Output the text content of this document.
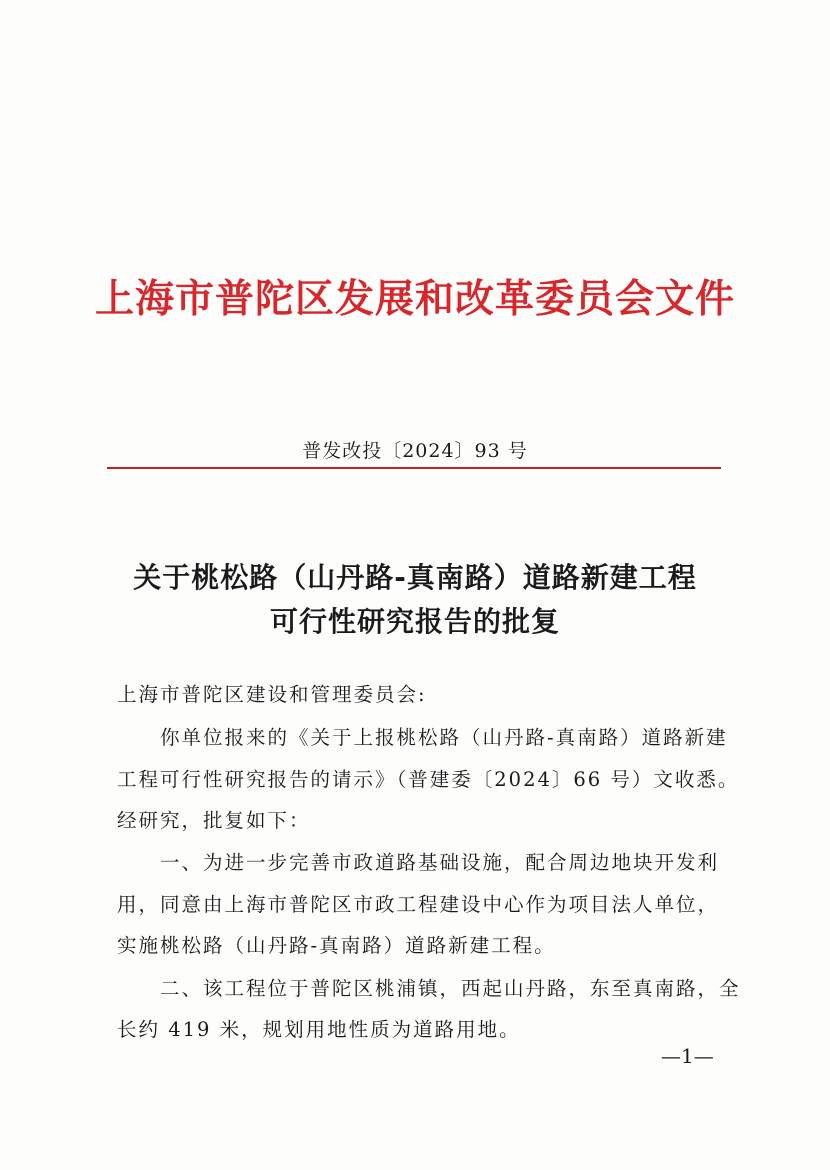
上海市普陀区发展和改革委员会文件
普发改投〔2024〕93 号
关于桃松路（山丹路-真南路）道路新建工程
可行性研究报告的批复
上海市普陀区建设和管理委员会:
你单位报来的《关于上报桃松路（山丹路-真南路）道路新建
工程可行性研究报告的请示》（普建委〔2024〕66 号）文收悉。
经研究，批复如下：
一、为进一步完善市政道路基础设施，配合周边地块开发利
用，同意由上海市普陀区市政工程建设中心作为项目法人单位，
实施桃松路（山丹路-真南路）道路新建工程。
二、该工程位于普陀区桃浦镇，西起山丹路，东至真南路，全
长约 419 米，规划用地性质为道路用地。
—1—
